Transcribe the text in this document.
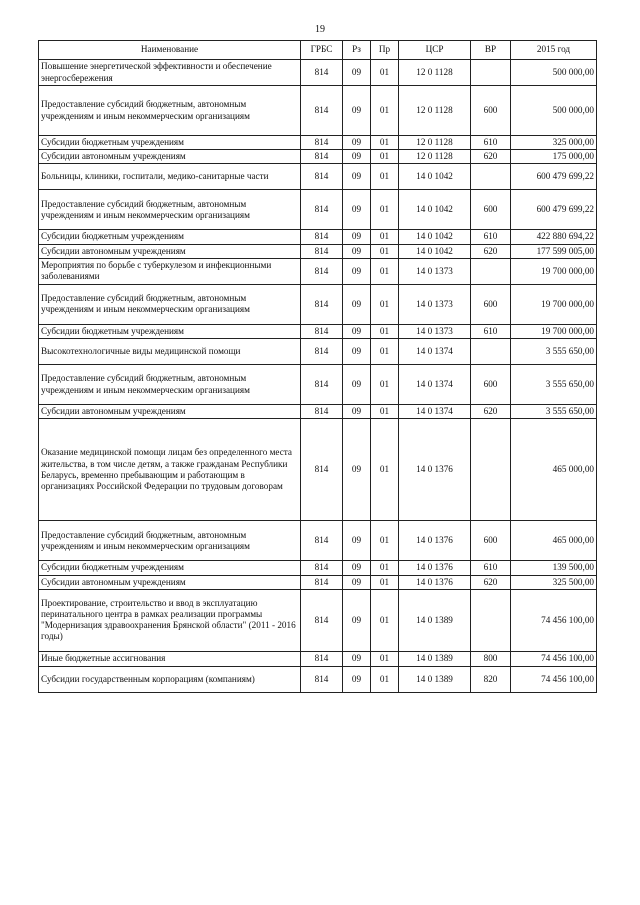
19
Наименование	ГРБС	Рз	Пр	ЦСР	ВР	2015 год
Повышение энергетической эффективности и обеспечение энергосбережения	814	09	01	12 0 1128		500 000,00
Предоставление субсидий бюджетным, автономным учреждениям и иным некоммерческим организациям	814	09	01	12 0 1128	600	500 000,00
Субсидии бюджетным учреждениям	814	09	01	12 0 1128	610	325 000,00
Субсидии автономным учреждениям	814	09	01	12 0 1128	620	175 000,00
Больницы, клиники, госпитали, медико-санитарные части	814	09	01	14 0 1042		600 479 699,22
Предоставление субсидий бюджетным, автономным учреждениям и иным некоммерческим организациям	814	09	01	14 0 1042	600	600 479 699,22
Субсидии бюджетным учреждениям	814	09	01	14 0 1042	610	422 880 694,22
Субсидии автономным учреждениям	814	09	01	14 0 1042	620	177 599 005,00
Мероприятия по борьбе с туберкулезом и инфекционными заболеваниями	814	09	01	14 0 1373		19 700 000,00
Предоставление субсидий бюджетным, автономным учреждениям и иным некоммерческим организациям	814	09	01	14 0 1373	600	19 700 000,00
Субсидии бюджетным учреждениям	814	09	01	14 0 1373	610	19 700 000,00
Высокотехнологичные виды медицинской помощи	814	09	01	14 0 1374		3 555 650,00
Предоставление субсидий бюджетным, автономным учреждениям и иным некоммерческим организациям	814	09	01	14 0 1374	600	3 555 650,00
Субсидии автономным учреждениям	814	09	01	14 0 1374	620	3 555 650,00
Оказание медицинской помощи лицам без определенного места жительства, в том числе детям, а также гражданам Республики Беларусь, временно пребывающим и работающим в организациях Российской Федерации по трудовым договорам	814	09	01	14 0 1376		465 000,00
Предоставление субсидий бюджетным, автономным учреждениям и иным некоммерческим организациям	814	09	01	14 0 1376	600	465 000,00
Субсидии бюджетным учреждениям	814	09	01	14 0 1376	610	139 500,00
Субсидии автономным учреждениям	814	09	01	14 0 1376	620	325 500,00
Проектирование, строительство и ввод в эксплуатацию перинатального центра в рамках реализации программы "Модернизация здравоохранения Брянской области" (2011 - 2016 годы)	814	09	01	14 0 1389		74 456 100,00
Иные бюджетные ассигнования	814	09	01	14 0 1389	800	74 456 100,00
Субсидии государственным корпорациям (компаниям)	814	09	01	14 0 1389	820	74 456 100,00
